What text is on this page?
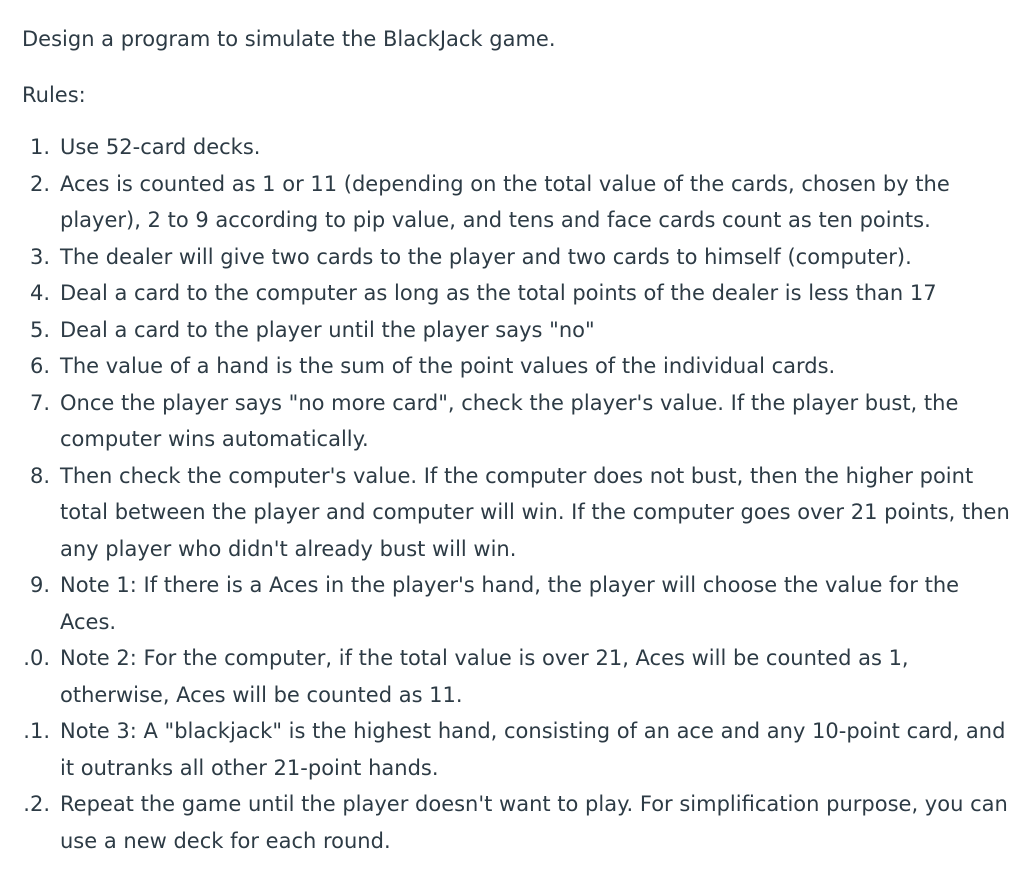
Design a program to simulate the BlackJack game.
Rules:
1. Use 52-card decks.
2. Aces is counted as 1 or 11 (depending on the total value of the cards, chosen by the player), 2 to 9 according to pip value, and tens and face cards count as ten points.
3. The dealer will give two cards to the player and two cards to himself (computer).
4. Deal a card to the computer as long as the total points of the dealer is less than 17
5. Deal a card to the player until the player says "no"
6. The value of a hand is the sum of the point values of the individual cards.
7. Once the player says "no more card", check the player's value. If the player bust, the computer wins automatically.
8. Then check the computer's value. If the computer does not bust, then the higher point total between the player and computer will win. If the computer goes over 21 points, then any player who didn't already bust will win.
9. Note 1: If there is a Aces in the player's hand, the player will choose the value for the Aces.
.0. Note 2: For the computer, if the total value is over 21, Aces will be counted as 1, otherwise, Aces will be counted as 11.
.1. Note 3: A "blackjack" is the highest hand, consisting of an ace and any 10-point card, and it outranks all other 21-point hands.
.2. Repeat the game until the player doesn't want to play. For simplification purpose, you can use a new deck for each round.
